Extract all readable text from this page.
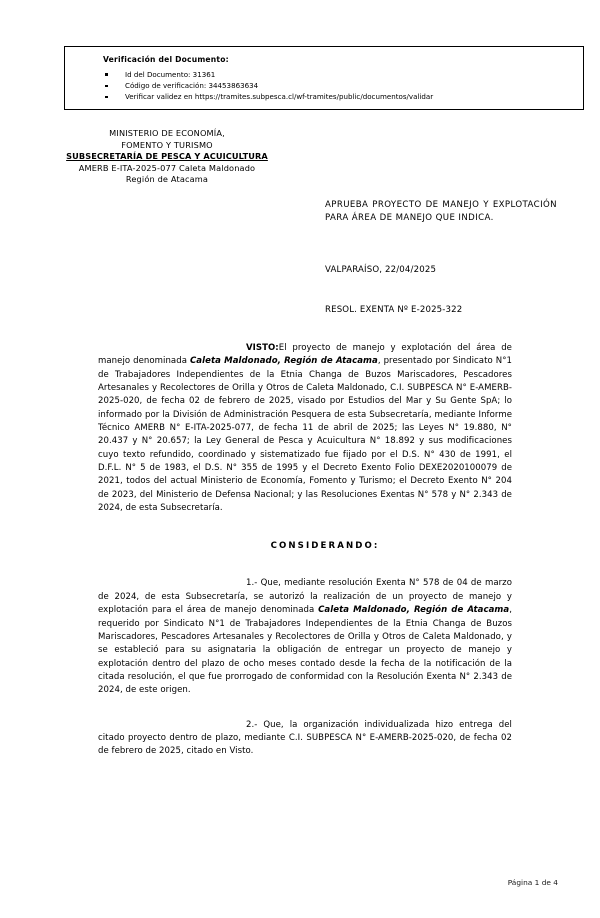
Verificación del Documento:
Id del Documento: 31361
Código de verificación: 34453863634
Verificar validez en https://tramites.subpesca.cl/wf-tramites/public/documentos/validar
MINISTERIO DE ECONOMÍA,
FOMENTO Y TURISMO
SUBSECRETARÍA DE PESCA Y ACUICULTURA
AMERB E-ITA-2025-077 Caleta Maldonado
Región de Atacama
APRUEBA PROYECTO DE MANEJO Y EXPLOTACIÓN PARA ÁREA DE MANEJO QUE INDICA.
VALPARAÍSO, 22/04/2025
RESOL. EXENTA Nº E-2025-322

VISTO:El proyecto de manejo y explotación del área de manejo denominada Caleta Maldonado, Región de Atacama, presentado por Sindicato N°1 de Trabajadores Independientes de la Etnia Changa de Buzos Mariscadores, Pescadores Artesanales y Recolectores de Orilla y Otros de Caleta Maldonado, C.I. SUBPESCA N° E-AMERB-2025-020, de fecha 02 de febrero de 2025, visado por Estudios del Mar y Su Gente SpA; lo informado por la División de Administración Pesquera de esta Subsecretaría, mediante Informe Técnico AMERB N° E-ITA-2025-077, de fecha 11 de abril de 2025; las Leyes N° 19.880, N° 20.437 y N° 20.657; la Ley General de Pesca y Acuicultura N° 18.892 y sus modificaciones cuyo texto refundido, coordinado y sistematizado fue fijado por el D.S. N° 430 de 1991, el D.F.L. N° 5 de 1983, el D.S. N° 355 de 1995 y el Decreto Exento Folio DEXE2020100079 de 2021, todos del actual Ministerio de Economía, Fomento y Turismo; el Decreto Exento N° 204 de 2023, del Ministerio de Defensa Nacional; y las Resoluciones Exentas N° 578 y N° 2.343 de 2024, de esta Subsecretaría.

CONSIDERANDO:

1.- Que, mediante resolución Exenta N° 578 de 04 de marzo de 2024, de esta Subsecretaría, se autorizó la realización de un proyecto de manejo y explotación para el área de manejo denominada Caleta Maldonado, Región de Atacama, requerido por Sindicato N°1 de Trabajadores Independientes de la Etnia Changa de Buzos Mariscadores, Pescadores Artesanales y Recolectores de Orilla y Otros de Caleta Maldonado, y se estableció para su asignataria la obligación de entregar un proyecto de manejo y explotación dentro del plazo de ocho meses contado desde la fecha de la notificación de la citada resolución, el que fue prorrogado de conformidad con la Resolución Exenta N° 2.343 de 2024, de este origen.

2.- Que, la organización individualizada hizo entrega del citado proyecto dentro de plazo, mediante C.I. SUBPESCA N° E-AMERB-2025-020, de fecha 02 de febrero de 2025, citado en Visto.

Página 1 de 4
